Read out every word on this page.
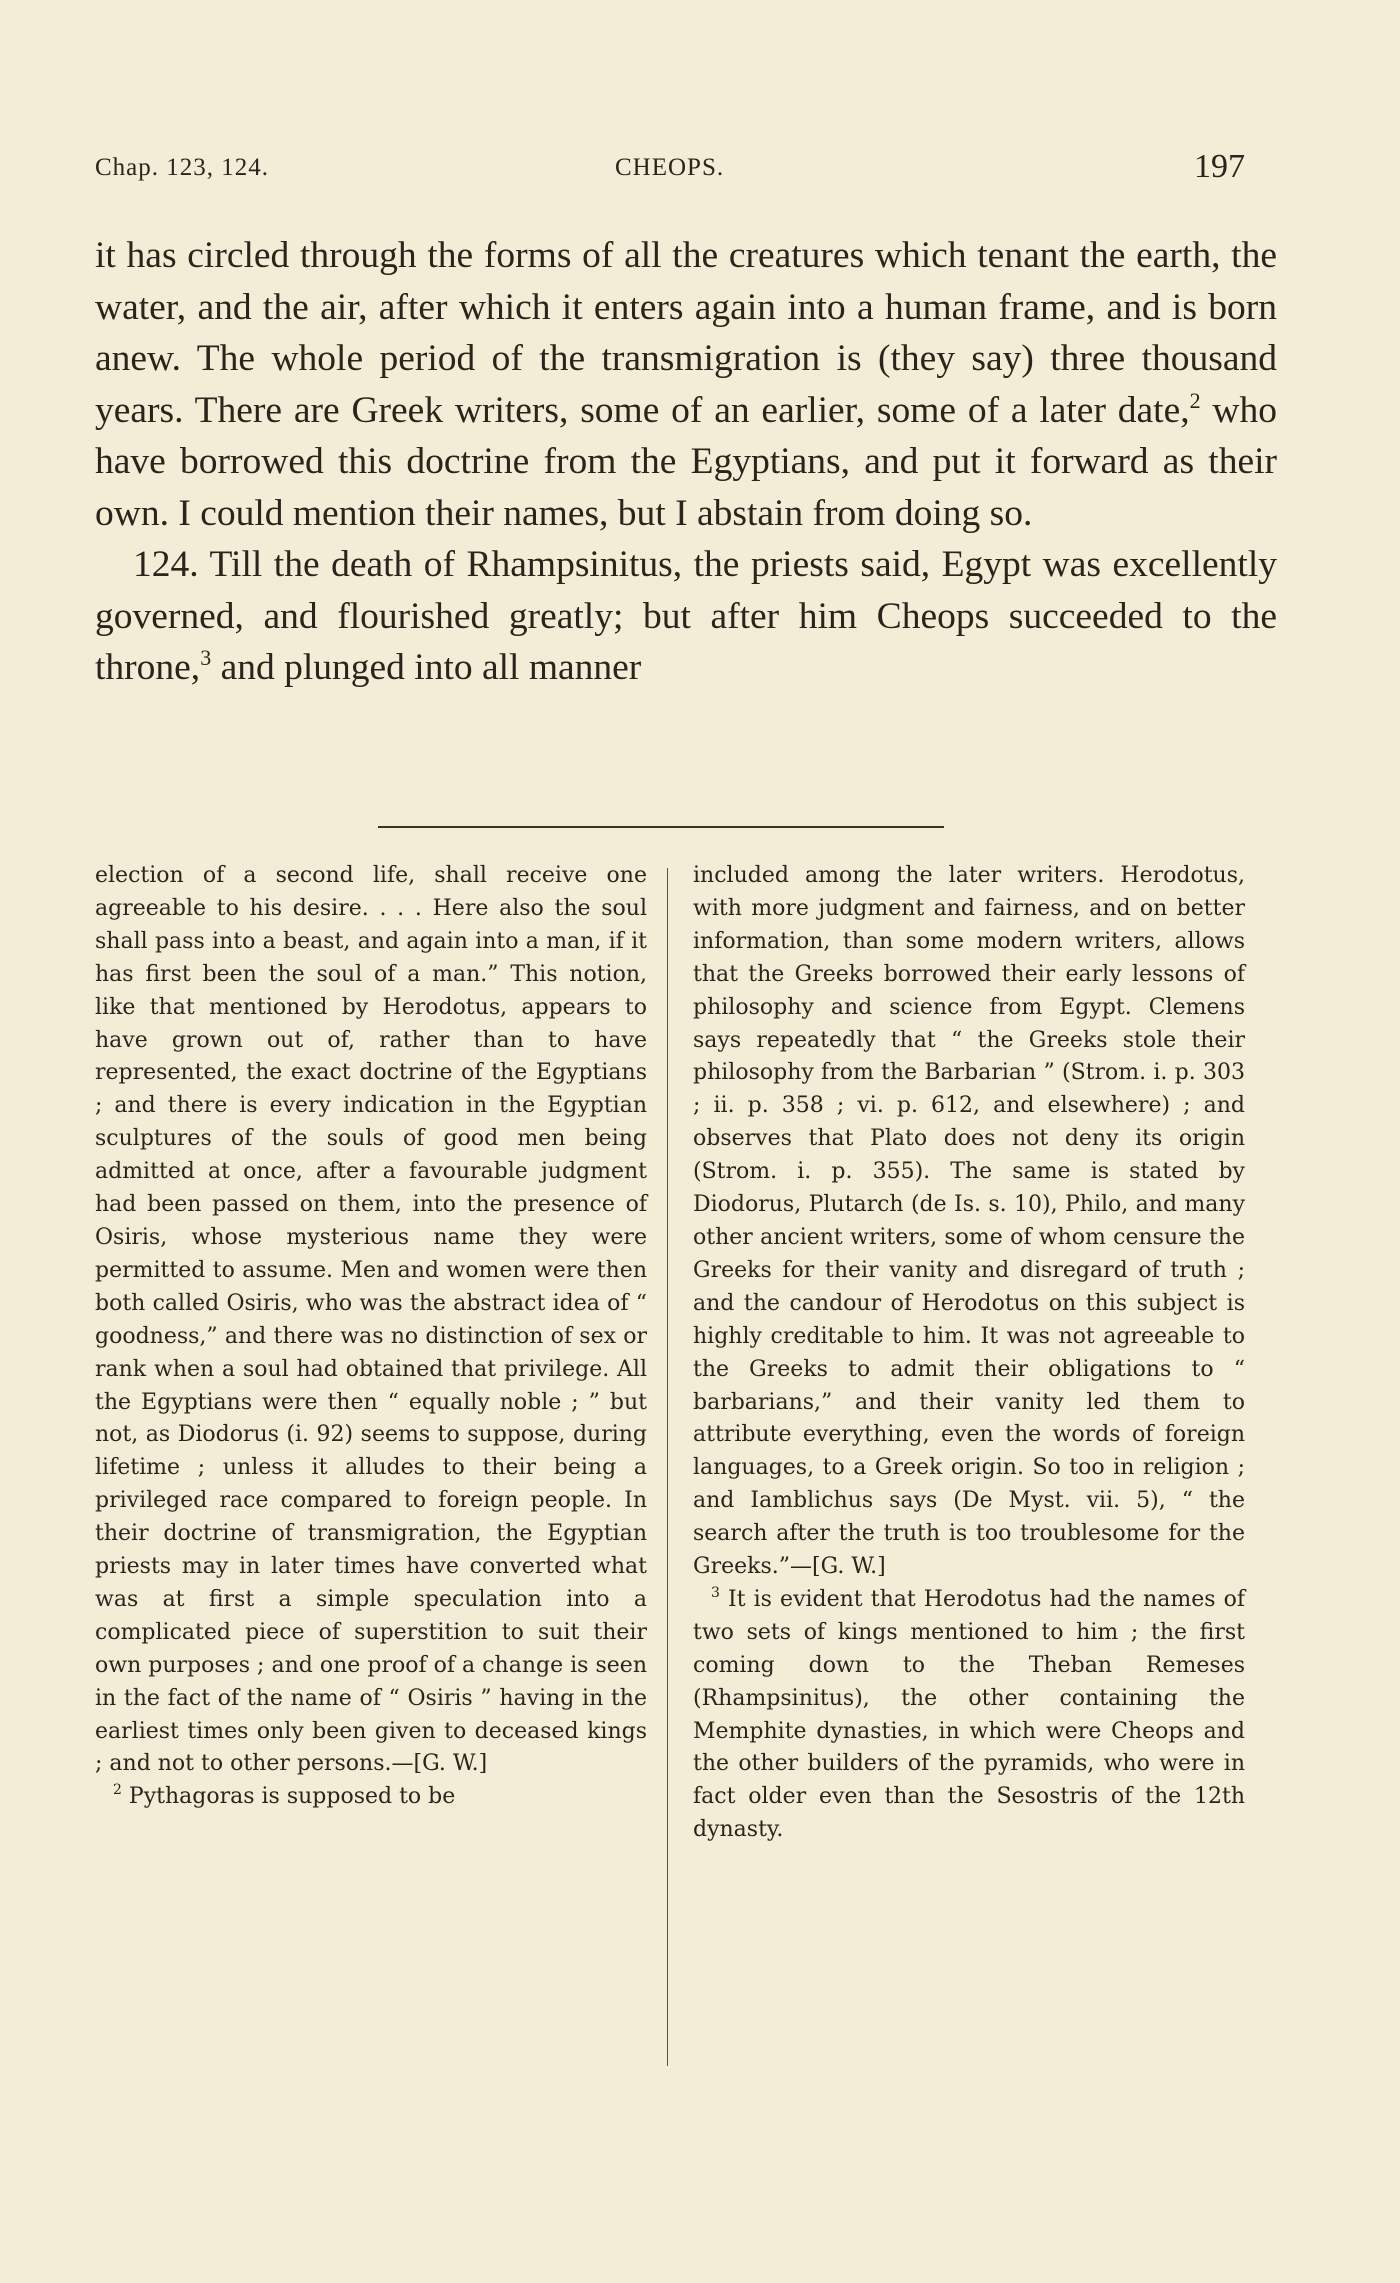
Chap. 123, 124.	CHEOPS.	197

it has circled through the forms of all the creatures which tenant the earth, the water, and the air, after which it enters again into a human frame, and is born anew. The whole period of the transmigration is (they say) three thousand years. There are Greek writers, some of an earlier, some of a later date,$^2$ who have borrowed this doctrine from the Egyptians, and put it forward as their own. I could mention their names, but I abstain from doing so.

124. Till the death of Rhampsinitus, the priests said, Egypt was excellently governed, and flourished greatly; but after him Cheops succeeded to the throne,$^3$ and plunged into all manner

election of a second life, shall receive one agreeable to his desire. . . . Here also the soul shall pass into a beast, and again into a man, if it has first been the soul of a man.” This notion, like that mentioned by Herodotus, appears to have grown out of, rather than to have represented, the exact doctrine of the Egyptians ; and there is every indication in the Egyptian sculptures of the souls of good men being admitted at once, after a favourable judgment had been passed on them, into the presence of Osiris, whose mysterious name they were permitted to assume. Men and women were then both called Osiris, who was the abstract idea of “ goodness,” and there was no distinction of sex or rank when a soul had obtained that privilege. All the Egyptians were then “ equally noble ; ” but not, as Diodorus (i. 92) seems to suppose, during lifetime ; unless it alludes to their being a privileged race compared to foreign people. In their doctrine of transmigration, the Egyptian priests may in later times have converted what was at first a simple speculation into a complicated piece of superstition to suit their own purposes ; and one proof of a change is seen in the fact of the name of “ Osiris ” having in the earliest times only been given to deceased kings ; and not to other persons.—[G. W.]

$^2$ Pythagoras is supposed to be

included among the later writers. Herodotus, with more judgment and fairness, and on better information, than some modern writers, allows that the Greeks borrowed their early lessons of philosophy and science from Egypt. Clemens says repeatedly that “ the Greeks stole their philosophy from the Barbarian ” (Strom. i. p. 303 ; ii. p. 358 ; vi. p. 612, and elsewhere) ; and observes that Plato does not deny its origin (Strom. i. p. 355). The same is stated by Diodorus, Plutarch (de Is. s. 10), Philo, and many other ancient writers, some of whom censure the Greeks for their vanity and disregard of truth ; and the candour of Herodotus on this subject is highly creditable to him. It was not agreeable to the Greeks to admit their obligations to “ barbarians,” and their vanity led them to attribute everything, even the words of foreign languages, to a Greek origin. So too in religion ; and Iamblichus says (De Myst. vii. 5), “ the search after the truth is too troublesome for the Greeks.”—[G. W.]

$^3$ It is evident that Herodotus had the names of two sets of kings mentioned to him ; the first coming down to the Theban Remeses (Rhampsinitus), the other containing the Memphite dynasties, in which were Cheops and the other builders of the pyramids, who were in fact older even than the Sesostris of the 12th dynasty.
